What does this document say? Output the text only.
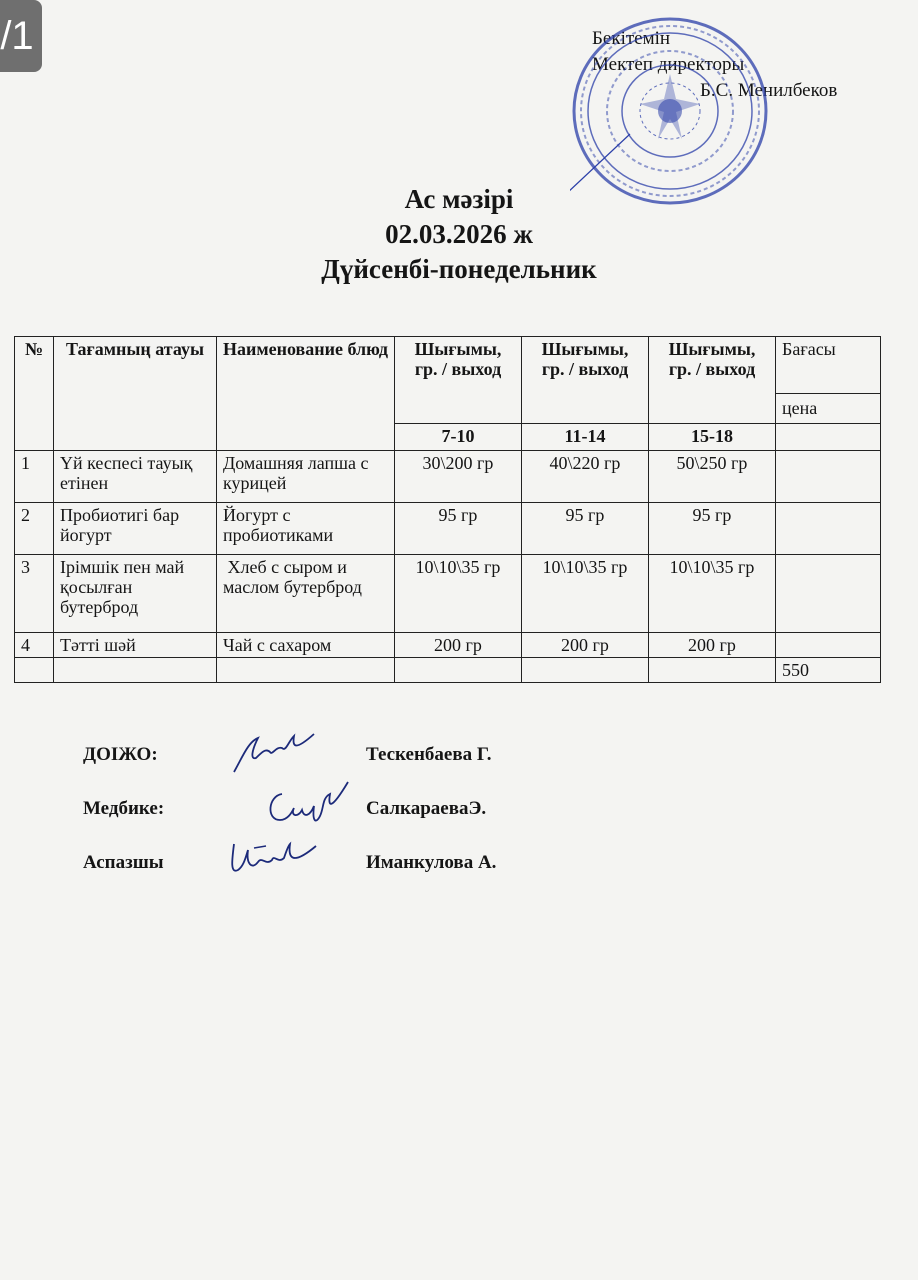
/1	Бекітемін
Мектеп директоры
Б.С. Менилбеков
Ас мәзірі
02.03.2026 ж
Дүйсенбі-понедельник
№	Тағамның атауы	Наименование блюд	Шығымы, гр. / выход	Шығымы, гр. / выход	Шығымы, гр. / выход	Бағасы
цена

			7-10	11-14	15-18	
1	Үй кеспесі тауық етінен	Домашняя лапша с курицей	30\200 гр	40\220 гр	50\250 гр	
2	Пробиотигі бар йогурт	Йогурт с пробиотиками	95 гр	95 гр	95 гр	
3	Ірімшік пен май қосылған бутерброд	Хлеб с сыром и маслом бутерброд	10\10\35 гр	10\10\35 гр	10\10\35 гр	
4	Тәтті шәй	Чай с сахаром	200 гр	200 гр	200 гр	
						550
ДОІЖО:	Тескенбаева Г.
Медбике:	СалкараеваЭ.
Аспазшы	Иманкулова А.
